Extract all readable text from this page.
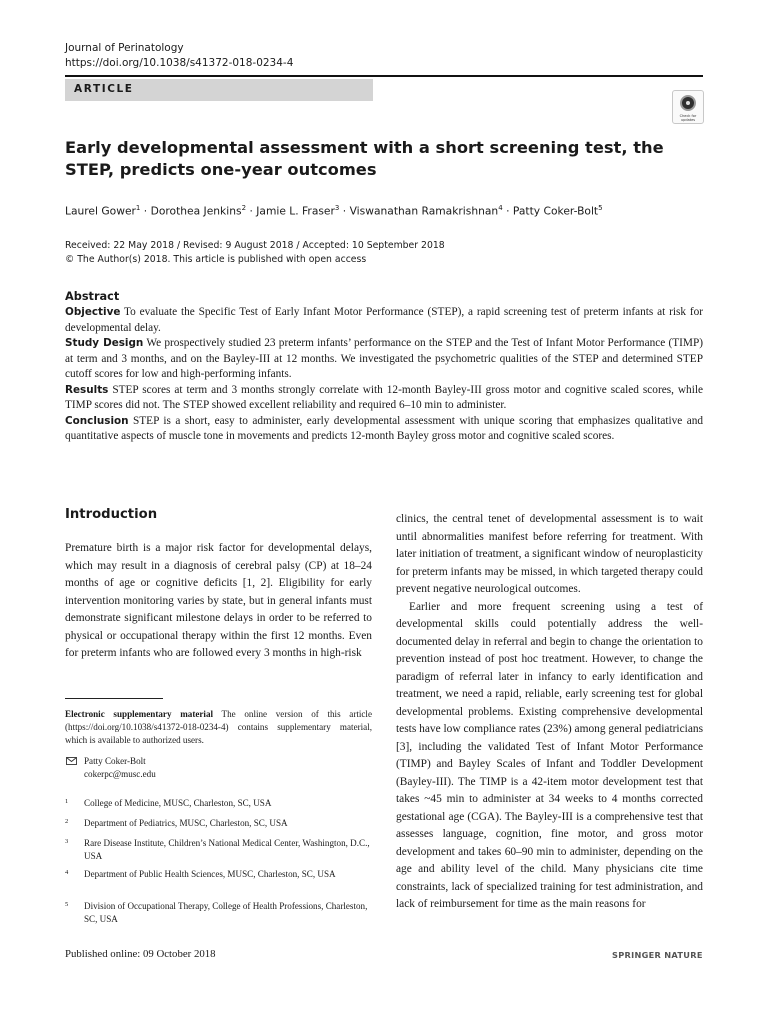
Journal of Perinatology
https://doi.org/10.1038/s41372-018-0234-4
ARTICLE
Check for updates
Early developmental assessment with a short screening test, the STEP, predicts one-year outcomes
Laurel Gower$^1$ · Dorothea Jenkins$^2$ · Jamie L. Fraser$^3$ · Viswanathan Ramakrishnan$^4$ · Patty Coker-Bolt$^5$
Received: 22 May 2018 / Revised: 9 August 2018 / Accepted: 10 September 2018
© The Author(s) 2018. This article is published with open access
Abstract

Objective To evaluate the Specific Test of Early Infant Motor Performance (STEP), a rapid screening test of preterm infants at risk for developmental delay.

Study Design We prospectively studied 23 preterm infants’ performance on the STEP and the Test of Infant Motor Performance (TIMP) at term and 3 months, and on the Bayley-III at 12 months. We investigated the psychometric qualities of the STEP and determined STEP cutoff scores for low and high-performing infants.

Results STEP scores at term and 3 months strongly correlate with 12-month Bayley-III gross motor and cognitive scaled scores, while TIMP scores did not. The STEP showed excellent reliability and required 6–10 min to administer.

Conclusion STEP is a short, easy to administer, early developmental assessment with unique scoring that emphasizes qualitative and quantitative aspects of muscle tone in movements and predicts 12-month Bayley gross motor and cognitive scaled scores.

Introduction

Premature birth is a major risk factor for developmental delays, which may result in a diagnosis of cerebral palsy (CP) at 18–24 months of age or cognitive deficits [1, 2]. Eligibility for early intervention monitoring varies by state, but in general infants must demonstrate significant milestone delays in order to be referred to physical or occupational therapy within the first 12 months. Even for preterm infants who are followed every 3 months in high-risk

clinics, the central tenet of developmental assessment is to wait until abnormalities manifest before referring for treatment. With later initiation of treatment, a significant window of neuroplasticity for preterm infants may be missed, in which targeted therapy could prevent negative neurological outcomes.

Earlier and more frequent screening using a test of developmental skills could potentially address the well-documented delay in referral and begin to change the orientation to prevention instead of post hoc treatment. However, to change the paradigm of referral later in infancy to early identification and treatment, we need a rapid, reliable, early screening test for global developmental problems. Existing comprehensive developmental tests have low compliance rates (23%) among general pediatricians [3], including the validated Test of Infant Motor Performance (TIMP) and Bayley Scales of Infant and Toddler Development (Bayley-III). The TIMP is a 42-item motor development test that takes ~45 min to administer at 34 weeks to 4 months corrected gestational age (CGA). The Bayley-III is a comprehensive test that assesses language, cognition, fine motor, and gross motor development and takes 60–90 min to administer, depending on the age and ability level of the child. Many physicians cite time constraints, lack of specialized training for test administration, and lack of reimbursement for time as the main reasons for

Electronic supplementary material The online version of this article (https://doi.org/10.1038/s41372-018-0234-4) contains supplementary material, which is available to authorized users.
Patty Coker-Bolt
cokerpc@musc.edu
1 College of Medicine, MUSC, Charleston, SC, USA
2 Department of Pediatrics, MUSC, Charleston, SC, USA
3 Rare Disease Institute, Children’s National Medical Center, Washington, D.C., USA
4 Department of Public Health Sciences, MUSC, Charleston, SC, USA
5 Division of Occupational Therapy, College of Health Professions, Charleston, SC, USA
Published online: 09 October 2018	SPRINGER NATURE
